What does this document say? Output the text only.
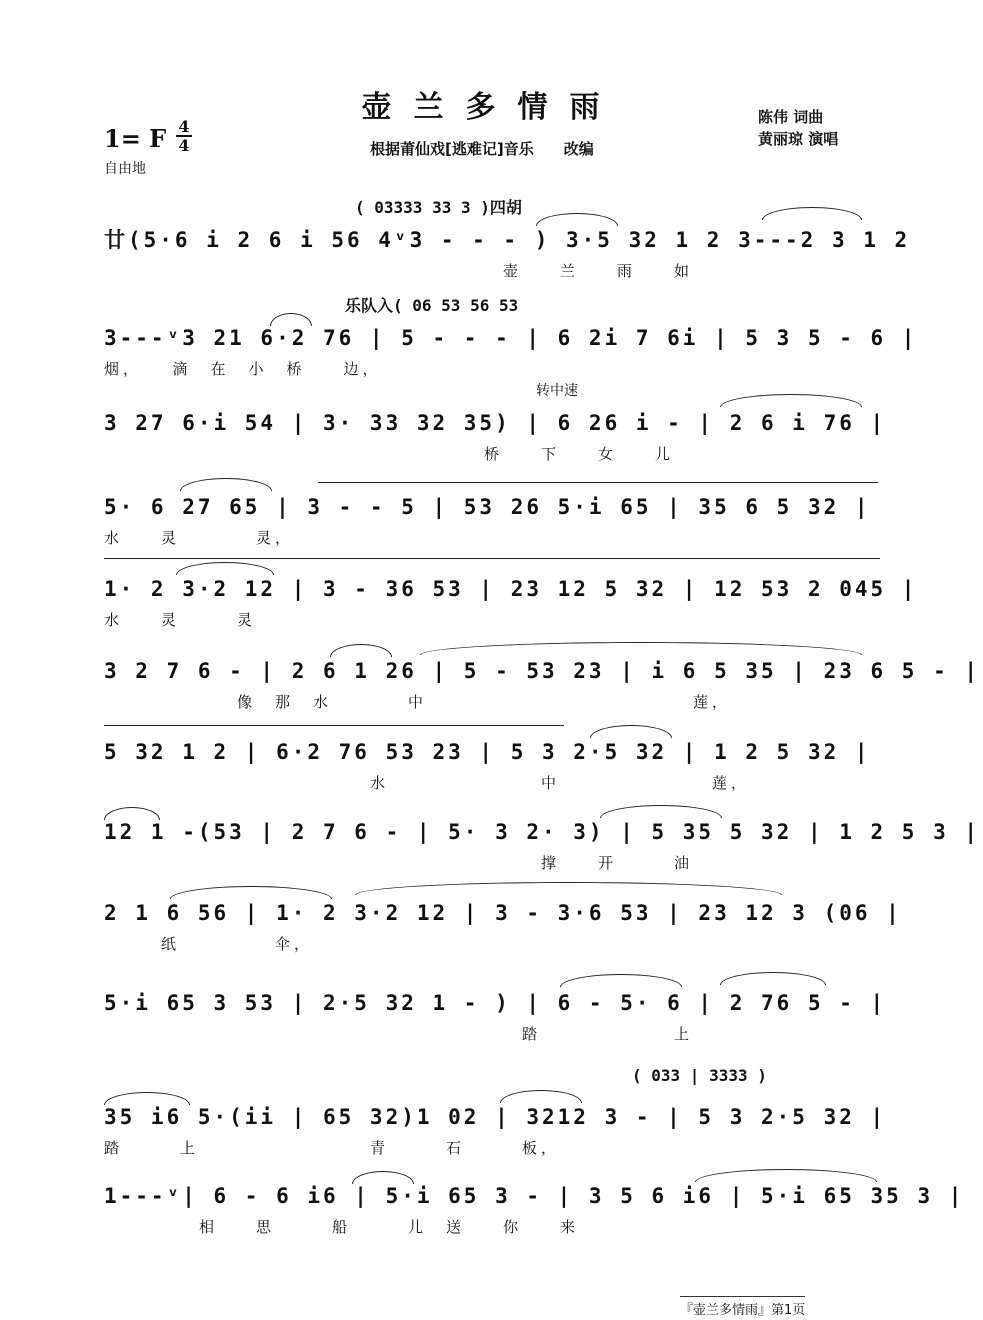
壶兰多情雨
根据莆仙戏[逃难记]音乐　　改编
陈伟 词曲
黄丽琼 演唱
1= F 4
4
自由地
( 03333 33 3 )四胡
廿(5·6 i 2 6 i 56 4ᵛ3 - - - ) 3·5 32 1 2 3---2 3 1 2
　　　　　　　　　　　　　　　　　　　　　壶　　兰　　雨　　如
乐队入( 06 53 56 53
3---ᵛ3 21 6·2 76 | 5 - - - | 6 2i 7 6i | 5 3 5 - 6 |
烟，　　滴　在　小　桥　　边，
转中速
3 27 6·i 54 | 3· 33 32 35) | 6 26 i - | 2 6 i 76 |
　　　　　　　　　　　　　　　　　　　　桥　　下　　女　　儿
5· 6 27 65 | 3 - - 5 | 53 26 5·i 65 | 35 6 5 32 |
水　　灵　　　　灵，
1· 2 3·2 12 | 3 - 36 53 | 23 12 5 32 | 12 53 2 045 |
水　　灵　　　灵
3 2 7 6 - | 2 6 1 26 | 5 - 53 23 | i 6 5 35 | 23 6 5 - |
　　　　　　　像　那　水　　　　中　　　　　　　　　　　　　　莲，
5 32 1 2 | 6·2 76 53 23 | 5 3 2·5 32 | 1 2 5 32 |
　　　　　　　　　　　　　　水　　　　　　　　中　　　　　　　　莲，
12 1 -(53 | 2 7 6 - | 5· 3 2· 3) | 5 35 5 32 | 1 2 5 3 |
　　　　　　　　　　　　　　　　　　　　　　　撑　　开　　　油
2 1 6 56 | 1· 2 3·2 12 | 3 - 3·6 53 | 23 12 3 (06 |
　　　纸　　　　　伞，
5·i 65 3 53 | 2·5 32 1 - ) | 6 - 5· 6 | 2 76 5 - |
　　　　　　　　　　　　　　　　　　　　　　踏　　　　　　　上
( 033 | 3333 )
35 i6 5·(ii | 65 32)1 02 | 3212 3 - | 5 3 2·5 32 |
踏　　　上　　　　　　　　　青　　　石　　　板，
1---ᵛ| 6 - 6 i6 | 5·i 65 3 - | 3 5 6 i6 | 5·i 65 35 3 |
　　　　　相　　思　　　船　　　儿　送　　你　　来
『壶兰多情雨』第1页
